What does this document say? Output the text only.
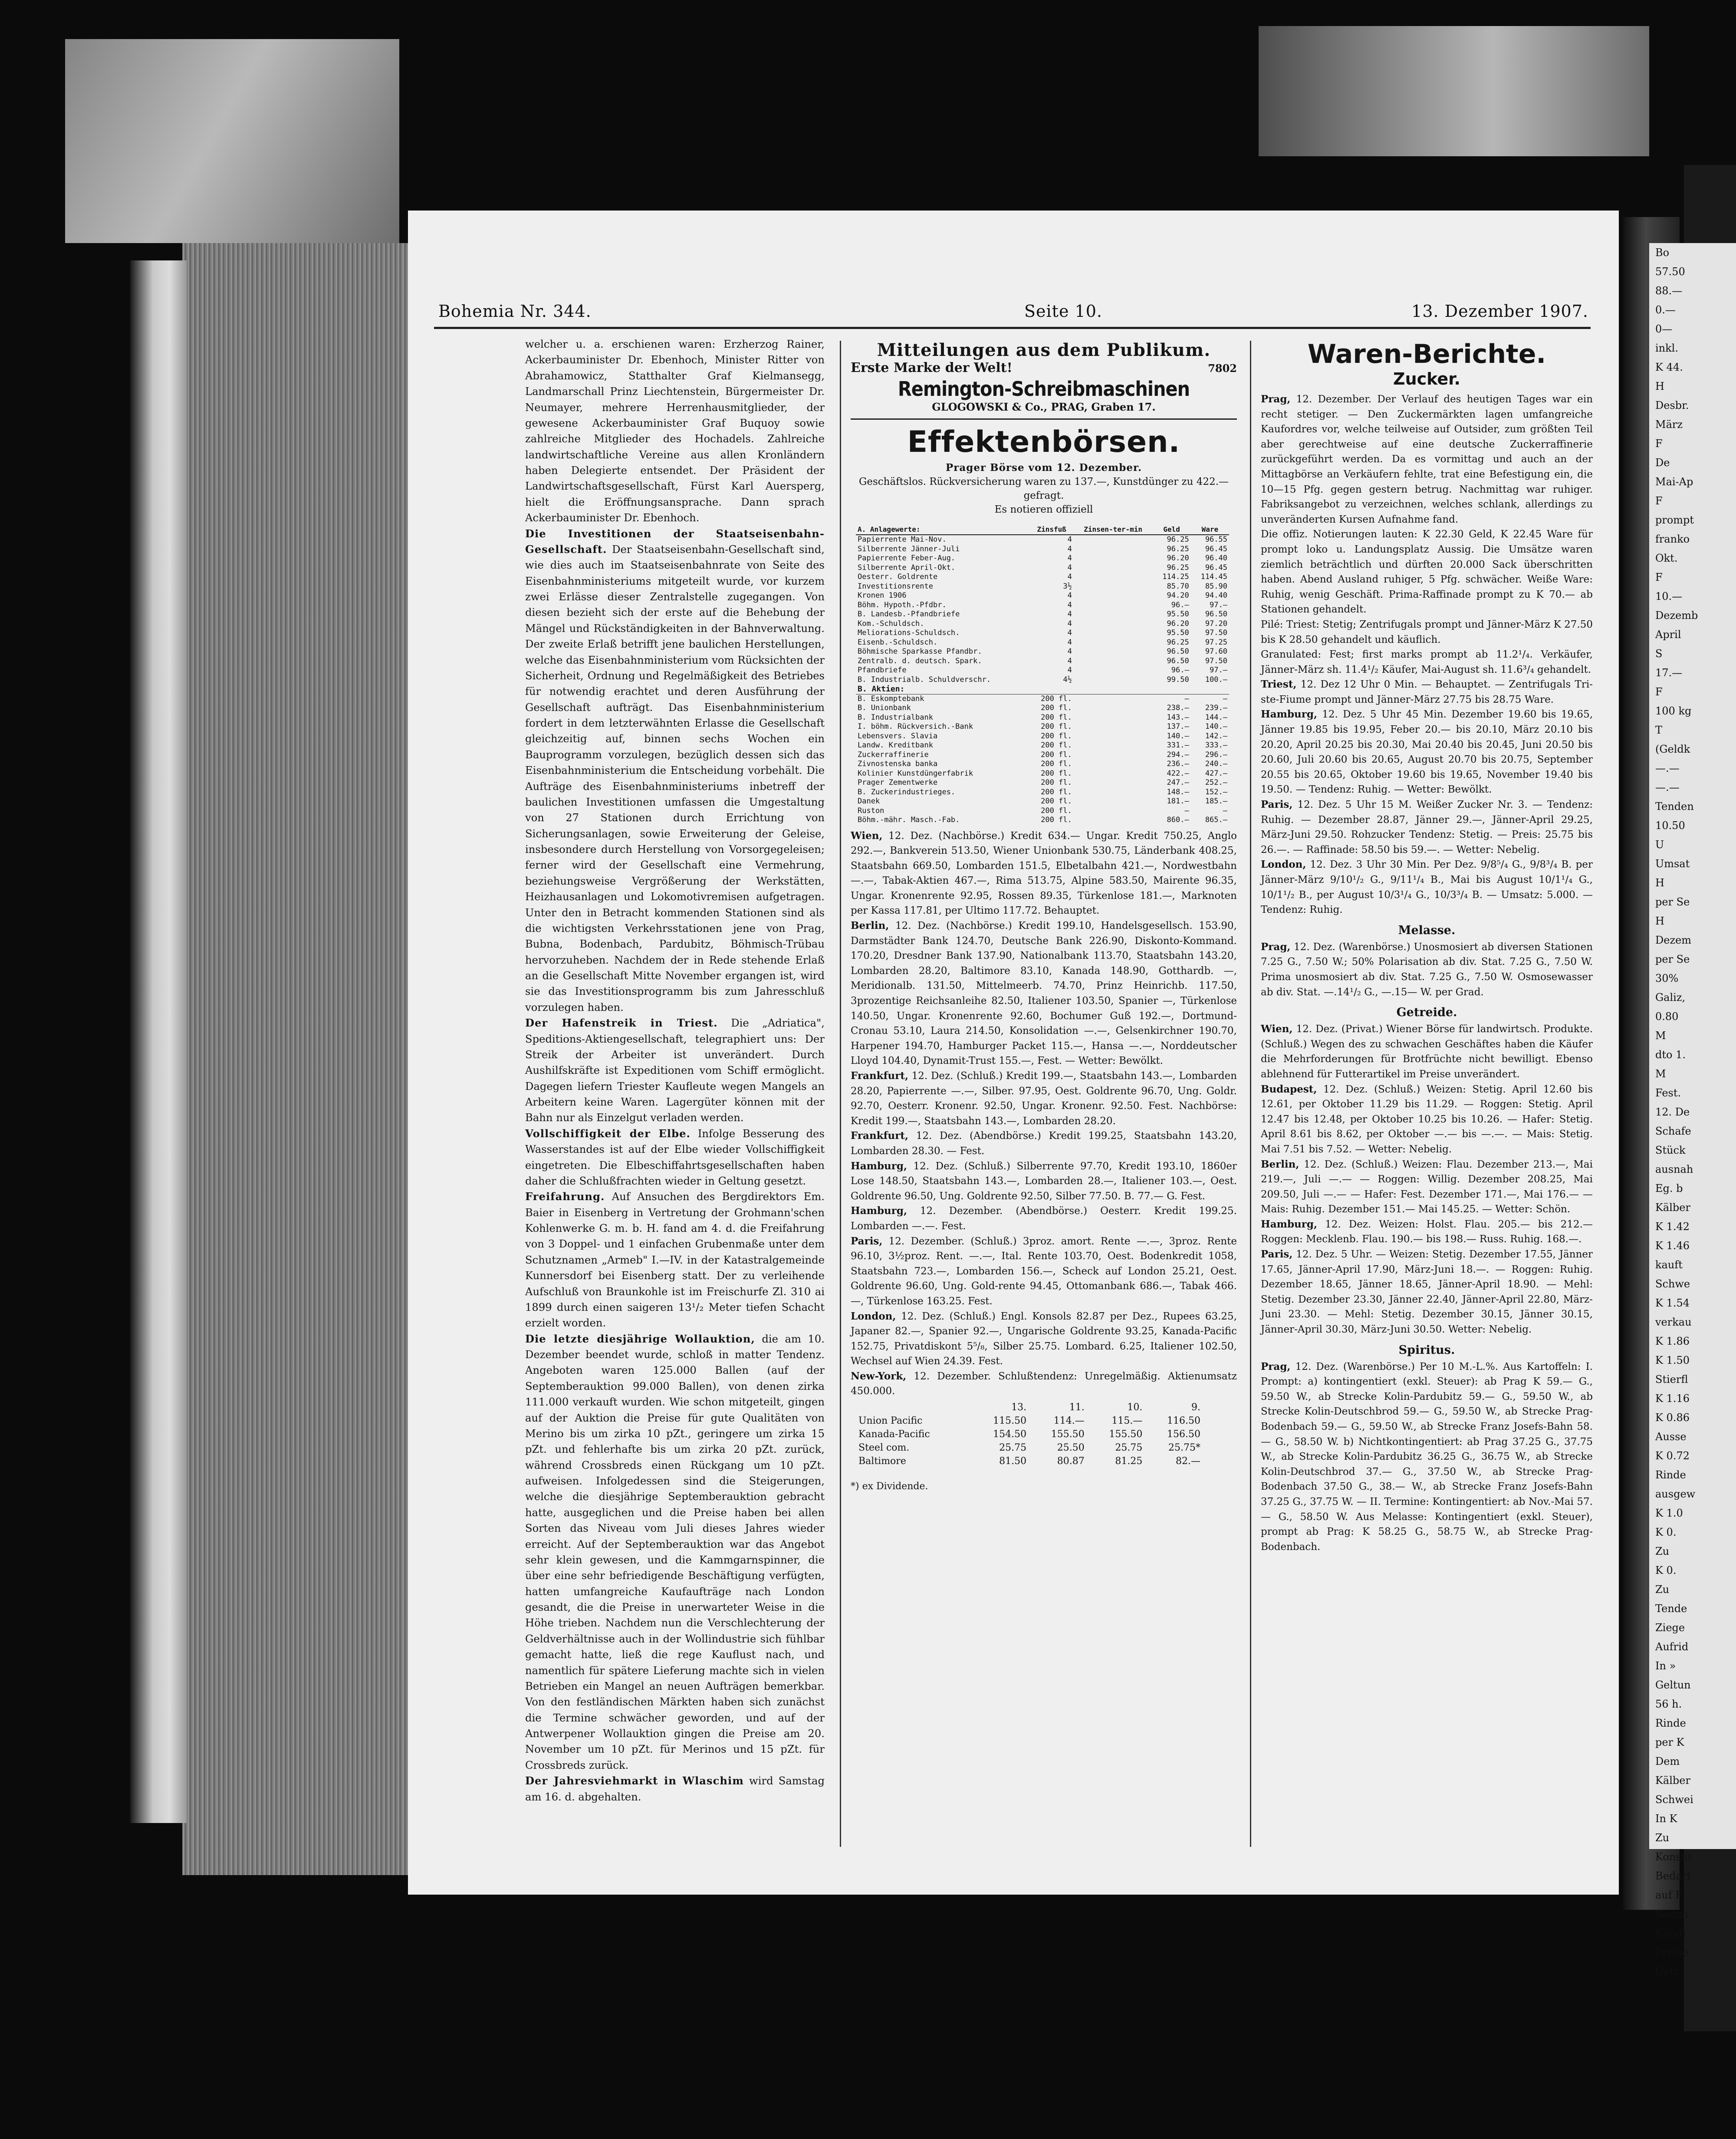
Bohemia Nr. 344.	Seite 10.	13. Dezember 1907.

welcher u. a. erschienen waren: Erzherzog Rainer, Ackerbauminister Dr. Ebenhoch, Minister Ritter von Abrahamowicz, Statthalter Graf Kielmansegg, Landmarschall Prinz Liechtenstein, Bürgermeister Dr. Neumayer, mehrere Herrenhausmitglieder, der gewesene Ackerbauminister Graf Buquoy sowie zahlreiche Mitglieder des Hochadels. Zahlreiche landwirtschaftliche Vereine aus allen Kronländern haben Delegierte entsendet. Der Präsident der Landwirtschaftsgesellschaft, Fürst Karl Auersperg, hielt die Eröffnungsansprache. Dann sprach Ackerbauminister Dr. Ebenhoch.

Die Investitionen der Staatseisenbahn-Gesellschaft. Der Staatseisenbahn-Gesellschaft sind, wie dies auch im Staatseisenbahnrate von Seite des Eisenbahnministeriums mitgeteilt wurde, vor kurzem zwei Erlässe dieser Zentralstelle zugegangen. Von diesen bezieht sich der erste auf die Behebung der Mängel und Rückständigkeiten in der Bahnverwaltung. Der zweite Erlaß betrifft jene baulichen Herstellungen, welche das Eisenbahnministerium vom Rücksichten der Sicherheit, Ordnung und Regelmäßigkeit des Betriebes für notwendig erachtet und deren Ausführung der Gesellschaft aufträgt. Das Eisenbahnministerium fordert in dem letzterwähnten Erlasse die Gesellschaft gleichzeitig auf, binnen sechs Wochen ein Bauprogramm vorzulegen, bezüglich dessen sich das Eisenbahnministerium die Entscheidung vorbehält. Die Aufträge des Eisenbahnministeriums inbetreff der baulichen Investitionen umfassen die Umgestaltung von 27 Stationen durch Errichtung von Sicherungsanlagen, sowie Erweiterung der Geleise, insbesondere durch Herstellung von Vorsorgegeleisen; ferner wird der Gesellschaft eine Vermehrung, beziehungsweise Vergrößerung der Werkstätten, Heizhausanlagen und Lokomotivremisen aufgetragen. Unter den in Betracht kommenden Stationen sind als die wichtigsten Verkehrsstationen jene von Prag, Bubna, Bodenbach, Pardubitz, Böhmisch-Trübau hervorzuheben. Nachdem der in Rede stehende Erlaß an die Gesellschaft Mitte November ergangen ist, wird sie das Investitionsprogramm bis zum Jahresschluß vorzulegen haben.

Der Hafenstreik in Triest. Die „Adriatica", Speditions-Aktiengesellschaft, telegraphiert uns: Der Streik der Arbeiter ist unverändert. Durch Aushilfskräfte ist Expeditionen vom Schiff ermöglicht. Dagegen liefern Triester Kaufleute wegen Mangels an Arbeitern keine Waren. Lagergüter können mit der Bahn nur als Einzelgut verladen werden.

Vollschiffigkeit der Elbe. Infolge Besserung des Wasserstandes ist auf der Elbe wieder Vollschiffigkeit eingetreten. Die Elbeschiffahrtsgesellschaften haben daher die Schlußfrachten wieder in Geltung gesetzt.

Freifahrung. Auf Ansuchen des Bergdirektors Em. Baier in Eisenberg in Vertretung der Grohmann'schen Kohlenwerke G. m. b. H. fand am 4. d. die Freifahrung von 3 Doppel- und 1 einfachen Grubenmaße unter dem Schutznamen „Armeb" I.—IV. in der Katastralgemeinde Kunnersdorf bei Eisenberg statt. Der zu verleihende Aufschluß von Braunkohle ist im Freischurfe Zl. 310 ai 1899 durch einen saigeren 13¹/₂ Meter tiefen Schacht erzielt worden.

Die letzte diesjährige Wollauktion, die am 10. Dezember beendet wurde, schloß in matter Tendenz. Angeboten waren 125.000 Ballen (auf der Septemberauktion 99.000 Ballen), von denen zirka 111.000 verkauft wurden. Wie schon mitgeteilt, gingen auf der Auktion die Preise für gute Qualitäten von Merino bis um zirka 10 pZt., geringere um zirka 15 pZt. und fehlerhafte bis um zirka 20 pZt. zurück, während Crossbreds einen Rückgang um 10 pZt. aufweisen. Infolgedessen sind die Steigerungen, welche die diesjährige Septemberauktion gebracht hatte, ausgeglichen und die Preise haben bei allen Sorten das Niveau vom Juli dieses Jahres wieder erreicht. Auf der Septemberauktion war das Angebot sehr klein gewesen, und die Kammgarnspinner, die über eine sehr befriedigende Beschäftigung verfügten, hatten umfangreiche Kaufaufträge nach London gesandt, die die Preise in unerwarteter Weise in die Höhe trieben. Nachdem nun die Verschlechterung der Geldverhältnisse auch in der Wollindustrie sich fühlbar gemacht hatte, ließ die rege Kauflust nach, und namentlich für spätere Lieferung machte sich in vielen Betrieben ein Mangel an neuen Aufträgen bemerkbar. Von den festländischen Märkten haben sich zunächst die Termine schwächer geworden, und auf der Antwerpener Wollauktion gingen die Preise am 20. November um 10 pZt. für Merinos und 15 pZt. für Crossbreds zurück.

Der Jahresviehmarkt in Wlaschim wird Samstag am 16. d. abgehalten.

Mitteilungen aus dem Publikum.
Erste Marke der Welt!	7802
Remington-Schreibmaschinen
GLOGOWSKI & Co., PRAG, Graben 17.
Effektenbörsen.
Prager Börse vom 12. Dezember.
Geschäftslos. Rückversicherung waren zu 137.—, Kunstdünger zu 422.— gefragt.
Es notieren offiziell
A. Anlagewerte:	Zinsfuß	Zinsen-ter-min	Geld	Ware
Papierrente Mai-Nov.	4		96.25	96.55
Silberrente Jänner-Juli	4		96.25	96.45
Papierrente Feber-Aug.	4		96.20	96.40
Silberrente April-Okt.	4		96.25	96.45
Oesterr. Goldrente	4		114.25	114.45
Investitionsrente	3½		85.70	85.90
Kronen 1906	4		94.20	94.40
Böhm. Hypoth.-Pfdbr.	4		96.—	97.—

B. Landesb.-Pfandbriefe	4		95.50	96.50
Kom.-Schuldsch.	4		96.20	97.20
Meliorations-Schuldsch.	4		95.50	97.50
Eisenb.-Schuldsch.	4		96.25	97.25
Böhmische Sparkasse Pfandbr.	4		96.50	97.60
Zentralb. d. deutsch. Spark.	4		96.50	97.50
Pfandbriefe	4		96.—	97.—
B. Industrialb. Schuldverschr.	4½		99.50	100.—
B. Aktien:				
B. Eskomptebank	200 fl.		—	—
B. Unionbank	200 fl.		238.—	239.—
B. Industrialbank	200 fl.		143.—	144.—
I. böhm. Rückversich.-Bank	200 fl.		137.—	140.—
Lebensvers. Slavia	200 fl.		140.—	142.—
Landw. Kreditbank	200 fl.		331.—	333.—
Zuckerraffinerie	200 fl.		294.—	296.—
Zivnostenska banka	200 fl.		236.—	240.—
Kolinier Kunstdüngerfabrik	200 fl.		422.—	427.—
Prager Zementwerke	200 fl.		247.—	252.—
B. Zuckerindustrieges.	200 fl.		148.—	152.—
Danek	200 fl.		181.—	185.—
Ruston	200 fl.		—	—
Böhm.-mähr. Masch.-Fab.	200 fl.		860.—	865.—

Wien, 12. Dez. (Nachbörse.) Kredit 634.— Ungar. Kredit 750.25, Anglo 292.—, Bankverein 513.50, Wiener Unionbank 530.75, Länderbank 408.25, Staatsbahn 669.50, Lombarden 151.5, Elbetalbahn 421.—, Nordwestbahn —.—, Tabak-Aktien 467.—, Rima 513.75, Alpine 583.50, Mairente 96.35, Ungar. Kronenrente 92.95, Rossen 89.35, Türkenlose 181.—, Marknoten per Kassa 117.81, per Ultimo 117.72. Behauptet.

Berlin, 12. Dez. (Nachbörse.) Kredit 199.10, Handelsgesellsch. 153.90, Darmstädter Bank 124.70, Deutsche Bank 226.90, Diskonto-Kommand. 170.20, Dresdner Bank 137.90, Nationalbank 113.70, Staatsbahn 143.20, Lombarden 28.20, Baltimore 83.10, Kanada 148.90, Gotthardb. —, Meridionalb. 131.50, Mittelmeerb. 74.70, Prinz Heinrichb. 117.50, 3prozentige Reichsanleihe 82.50, Italiener 103.50, Spanier —, Türkenlose 140.50, Ungar. Kronenrente 92.60, Bochumer Guß 192.—, Dortmund-Cronau 53.10, Laura 214.50, Konsolidation —.—, Gelsenkirchner 190.70, Harpener 194.70, Hamburger Packet 115.—, Hansa —.—, Norddeutscher Lloyd 104.40, Dynamit-Trust 155.—, Fest. — Wetter: Bewölkt.

Frankfurt, 12. Dez. (Schluß.) Kredit 199.—, Staatsbahn 143.—, Lombarden 28.20, Papierrente —.—, Silber. 97.95, Oest. Goldrente 96.70, Ung. Goldr. 92.70, Oesterr. Kronenr. 92.50, Ungar. Kronenr. 92.50. Fest. Nachbörse: Kredit 199.—, Staatsbahn 143.—, Lombarden 28.20.

Frankfurt, 12. Dez. (Abendbörse.) Kredit 199.25, Staatsbahn 143.20, Lombarden 28.30. — Fest.

Hamburg, 12. Dez. (Schluß.) Silberrente 97.70, Kredit 193.10, 1860er Lose 148.50, Staatsbahn 143.—, Lombarden 28.—, Italiener 103.—, Oest. Goldrente 96.50, Ung. Goldrente 92.50, Silber 77.50. B. 77.— G. Fest.

Hamburg, 12. Dezember. (Abendbörse.) Oesterr. Kredit 199.25. Lombarden —.—. Fest.

Paris, 12. Dezember. (Schluß.) 3proz. amort. Rente —.—, 3proz. Rente 96.10, 3½proz. Rent. —.—, Ital. Rente 103.70, Oest. Bodenkredit 1058, Staatsbahn 723.—, Lombarden 156.—, Scheck auf London 25.21, Oest. Goldrente 96.60, Ung. Gold-rente 94.45, Ottomanbank 686.—, Tabak 466.—, Türkenlose 163.25. Fest.

London, 12. Dez. (Schluß.) Engl. Konsols 82.87 per Dez., Rupees 63.25, Japaner 82.—, Spanier 92.—, Ungarische Goldrente 93.25, Kanada-Pacific 152.75, Privatdiskont 5⁵/₈, Silber 25.75. Lombard. 6.25, Italiener 102.50, Wechsel auf Wien 24.39. Fest.

New-York, 12. Dezember. Schlußtendenz: Unregelmäßig. Aktienumsatz 450.000.

	13.	11.	10.	9.
Union Pacific	115.50	114.—	115.—	116.50
Kanada-Pacific	154.50	155.50	155.50	156.50
Steel com.	25.75	25.50	25.75	25.75*
Baltimore	81.50	80.87	81.25	82.—
*) ex Dividende.
Waren-Berichte.
Zucker.

Prag, 12. Dezember. Der Verlauf des heutigen Tages war ein recht stetiger. — Den Zuckermärkten lagen umfangreiche Kaufordres vor, welche teilweise auf Outsider, zum größten Teil aber gerechtweise auf eine deutsche Zuckerraffinerie zurückgeführt werden. Da es vormittag und auch an der Mittagbörse an Verkäufern fehlte, trat eine Befestigung ein, die 10—15 Pfg. gegen gestern betrug. Nachmittag war ruhiger. Fabriksangebot zu verzeichnen, welches schlank, allerdings zu unveränderten Kursen Aufnahme fand.

Die offiz. Notierungen lauten: K 22.30 Geld, K 22.45 Ware für prompt loko u. Landungsplatz Aussig. Die Umsätze waren ziemlich beträchtlich und dürften 20.000 Sack überschritten haben. Abend Ausland ruhiger, 5 Pfg. schwächer. Weiße Ware: Ruhig, wenig Geschäft. Prima-Raffinade prompt zu K 70.— ab Stationen gehandelt.

Pilé: Triest: Stetig; Zentrifugals prompt und Jänner-März K 27.50 bis K 28.50 gehandelt und käuflich.

Granulated: Fest; first marks prompt ab 11.2¹/₄. Verkäufer, Jänner-März sh. 11.4¹/₂ Käufer, Mai-August sh. 11.6³/₄ gehandelt.

Triest, 12. Dez 12 Uhr 0 Min. — Behauptet. — Zentrifugals Tri-ste-Fiume prompt und Jänner-März 27.75 bis 28.75 Ware.

Hamburg, 12. Dez. 5 Uhr 45 Min. Dezember 19.60 bis 19.65, Jänner 19.85 bis 19.95, Feber 20.— bis 20.10, März 20.10 bis 20.20, April 20.25 bis 20.30, Mai 20.40 bis 20.45, Juni 20.50 bis 20.60, Juli 20.60 bis 20.65, August 20.70 bis 20.75, September 20.55 bis 20.65, Oktober 19.60 bis 19.65, November 19.40 bis 19.50. — Tendenz: Ruhig. — Wetter: Bewölkt.

Paris, 12. Dez. 5 Uhr 15 M. Weißer Zucker Nr. 3. — Tendenz: Ruhig. — Dezember 28.87, Jänner 29.—, Jänner-April 29.25, März-Juni 29.50. Rohzucker Tendenz: Stetig. — Preis: 25.75 bis 26.—. — Raffinade: 58.50 bis 59.—. — Wetter: Nebelig.

London, 12. Dez. 3 Uhr 30 Min. Per Dez. 9/8⁵/₄ G., 9/8³/₄ B. per Jänner-März 9/10¹/₂ G., 9/11¹/₄ B., Mai bis August 10/1¹/₄ G., 10/1¹/₂ B., per August 10/3¹/₄ G., 10/3³/₄ B. — Umsatz: 5.000. — Tendenz: Ruhig.

Melasse.

Prag, 12. Dez. (Warenbörse.) Unosmosiert ab diversen Stationen 7.25 G., 7.50 W.; 50% Polarisation ab div. Stat. 7.25 G., 7.50 W. Prima unosmosiert ab div. Stat. 7.25 G., 7.50 W. Osmosewasser ab div. Stat. —.14¹/₂ G., —.15— W. per Grad.

Getreide.

Wien, 12. Dez. (Privat.) Wiener Börse für landwirtsch. Produkte. (Schluß.) Wegen des zu schwachen Geschäftes haben die Käufer die Mehrforderungen für Brotfrüchte nicht bewilligt. Ebenso ablehnend für Futterartikel im Preise unverändert.

Budapest, 12. Dez. (Schluß.) Weizen: Stetig. April 12.60 bis 12.61, per Oktober 11.29 bis 11.29. — Roggen: Stetig. April 12.47 bis 12.48, per Oktober 10.25 bis 10.26. — Hafer: Stetig. April 8.61 bis 8.62, per Oktober —.— bis —.—. — Mais: Stetig. Mai 7.51 bis 7.52. — Wetter: Nebelig.

Berlin, 12. Dez. (Schluß.) Weizen: Flau. Dezember 213.—, Mai 219.—, Juli —.— — Roggen: Willig. Dezember 208.25, Mai 209.50, Juli —.— — Hafer: Fest. Dezember 171.—, Mai 176.— — Mais: Ruhig. Dezember 151.— Mai 145.25. — Wetter: Schön.

Hamburg, 12. Dez. Weizen: Holst. Flau. 205.— bis 212.— Roggen: Mecklenb. Flau. 190.— bis 198.— Russ. Ruhig. 168.—.

Paris, 12. Dez. 5 Uhr. — Weizen: Stetig. Dezember 17.55, Jänner 17.65, Jänner-April 17.90, März-Juni 18.—. — Roggen: Ruhig. Dezember 18.65, Jänner 18.65, Jänner-April 18.90. — Mehl: Stetig. Dezember 23.30, Jänner 22.40, Jänner-April 22.80, März-Juni 23.30. — Mehl: Stetig. Dezember 30.15, Jänner 30.15, Jänner-April 30.30, März-Juni 30.50. Wetter: Nebelig.

Spiritus.

Prag, 12. Dez. (Warenbörse.) Per 10 M.-L.%. Aus Kartoffeln: I. Prompt: a) kontingentiert (exkl. Steuer): ab Prag K 59.— G., 59.50 W., ab Strecke Kolin-Pardubitz 59.— G., 59.50 W., ab Strecke Kolin-Deutschbrod 59.— G., 59.50 W., ab Strecke Prag-Bodenbach 59.— G., 59.50 W., ab Strecke Franz Josefs-Bahn 58.— G., 58.50 W. b) Nichtkontingentiert: ab Prag 37.25 G., 37.75 W., ab Strecke Kolin-Pardubitz 36.25 G., 36.75 W., ab Strecke Kolin-Deutschbrod 37.— G., 37.50 W., ab Strecke Prag-Bodenbach 37.50 G., 38.— W., ab Strecke Franz Josefs-Bahn 37.25 G., 37.75 W. — II. Termine: Kontingentiert: ab Nov.-Mai 57.— G., 58.50 W. Aus Melasse: Kontingentiert (exkl. Steuer), prompt ab Prag: K 58.25 G., 58.75 W., ab Strecke Prag-Bodenbach.

Bo
57.50
88.—
0.—
0—
inkl.
K 44.
H
Desbr.
März
F
De
Mai-Ap
F
prompt
franko
Okt.
F
10.—
Dezemb
April
S
17.—
F
100 kg
T
(Geldk
—.—
—.—
Tenden
10.50
U
Umsat
H
per Se
H
Dezem
per Se
30%
Galiz,
0.80
M
dto 1.
M
Fest.
12. De
Schafe
Stück
ausnah
Eg. b
Kälber
K 1.42
K 1.46
kauft
Schwe
K 1.54
verkau
K 1.86
K 1.50
Stierfl
K 1.16
K 0.86
Ausse
K 0.72
Rinde
ausgew
K 1.0
K 0.
Zu
K 0.
Zu
Tende
Ziege
Aufrid
In »
Geltun
56 h.
Rinde
per K
Dem
Kälber
Schwei
In K
Zu
Konsur
Bedarf
auf F
Sämm
Kondi
Preise
Getr
